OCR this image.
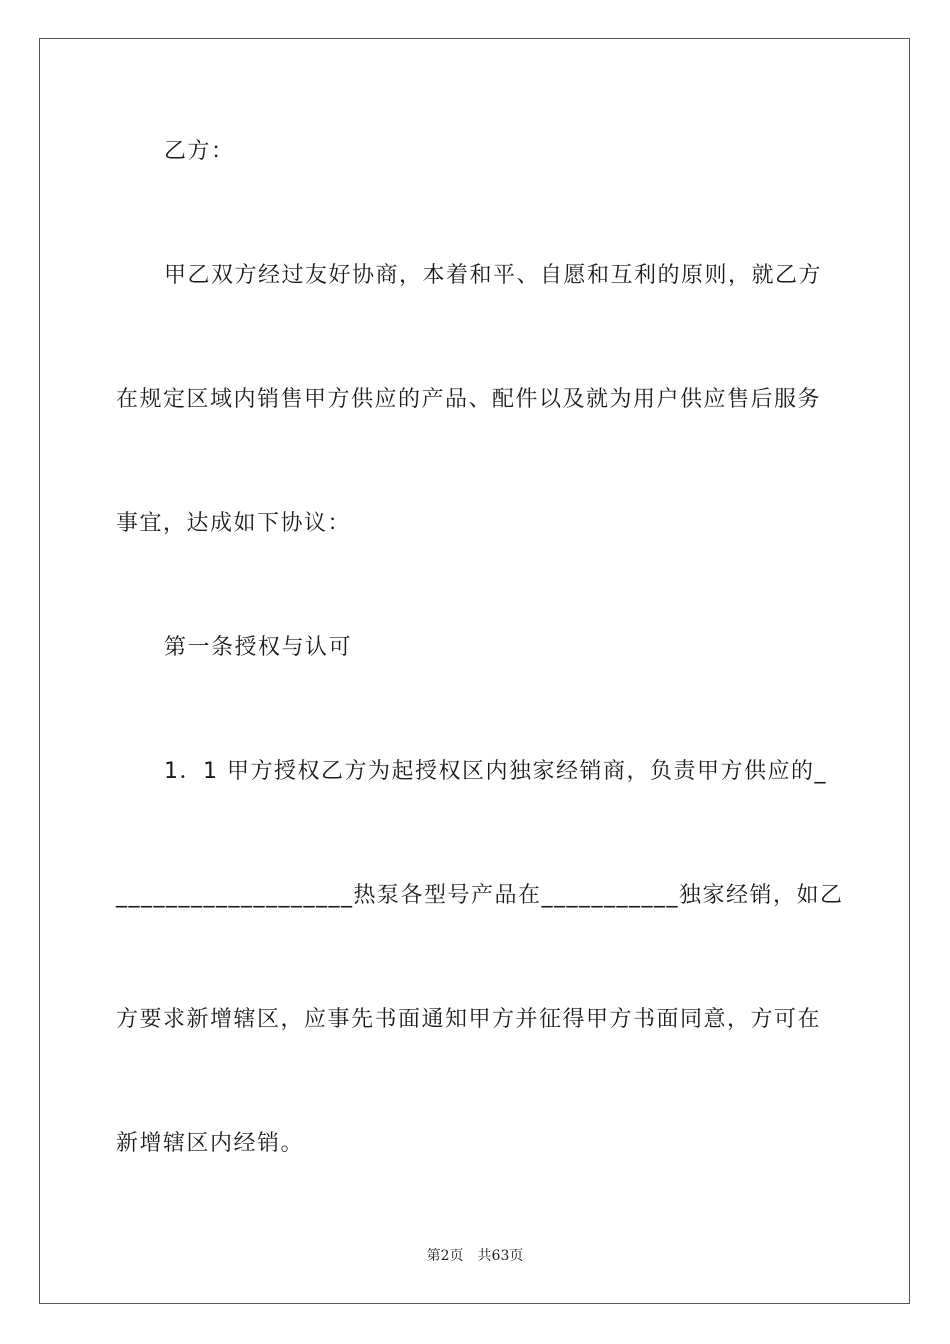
乙方：
甲乙双方经过友好协商，本着和平、自愿和互利的原则，就乙方
在规定区域内销售甲方供应的产品、配件以及就为用户供应售后服务
事宜，达成如下协议：
第一条授权与认可
1．1 甲方授权乙方为起授权区内独家经销商，负责甲方供应的_
___________________热泵各型号产品在___________独家经销，如乙
方要求新增辖区，应事先书面通知甲方并征得甲方书面同意，方可在
新增辖区内经销。
第2页 共63页
